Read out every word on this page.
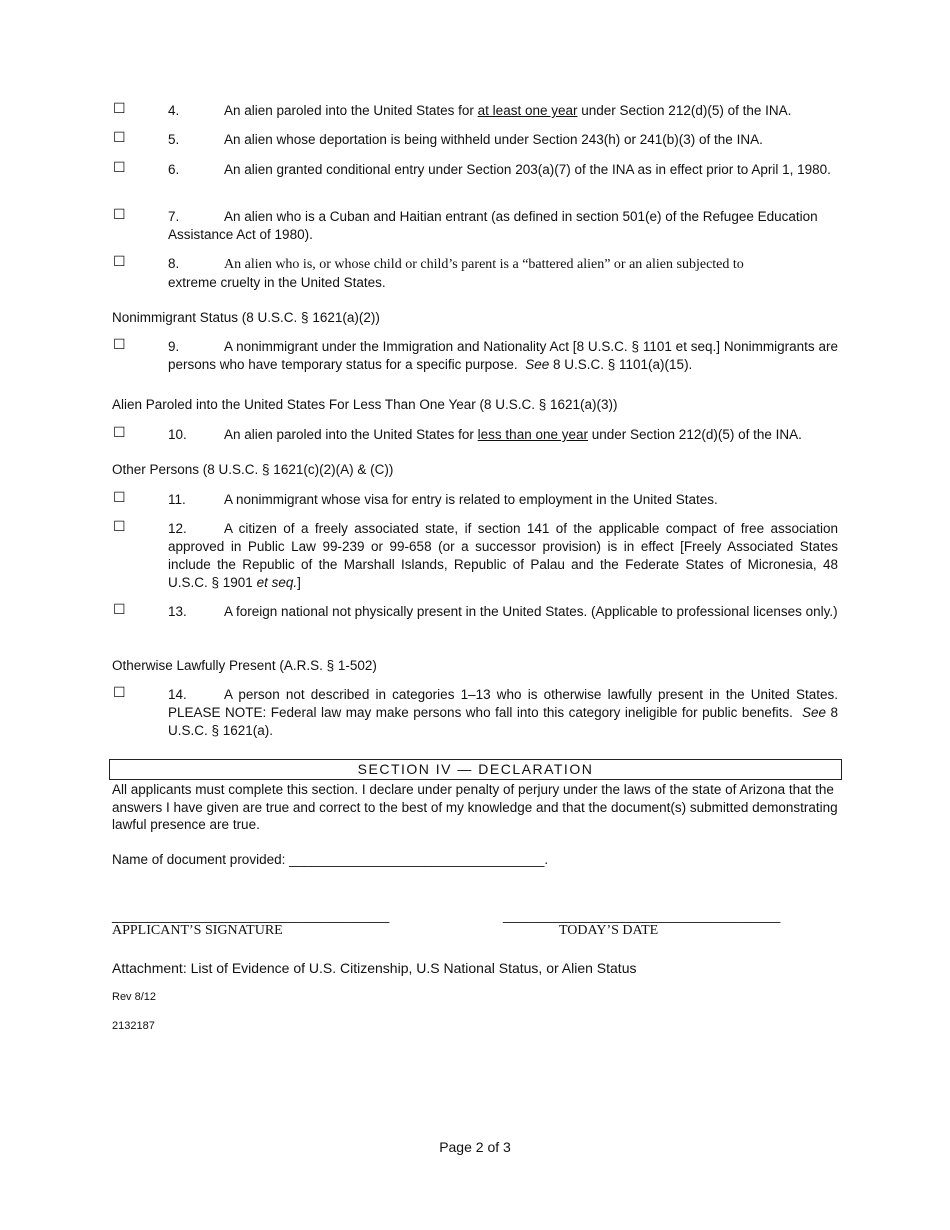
☐	4.	An alien paroled into the United States for at least one year under Section 212(d)(5) of the INA.
☐	5.	An alien whose deportation is being withheld under Section 243(h) or 241(b)(3) of the INA.
☐	6.	An alien granted conditional entry under Section 203(a)(7) of the INA as in effect prior to April 1, 1980.
☐	7.	An alien who is a Cuban and Haitian entrant (as defined in section 501(e) of the Refugee Education Assistance Act of 1980).
☐	8.	An alien who is, or whose child or child’s parent is a “battered alien” or an alien subjected to
extreme cruelty in the United States.
Nonimmigrant Status (8 U.S.C. § 1621(a)(2))
☐	9.	A nonimmigrant under the Immigration and Nationality Act [8 U.S.C. § 1101 et seq.] Nonimmigrants are persons who have temporary status for a specific purpose. See 8 U.S.C. § 1101(a)(15).
Alien Paroled into the United States For Less Than One Year (8 U.S.C. § 1621(a)(3))
☐	10.	An alien paroled into the United States for less than one year under Section 212(d)(5) of the INA.
Other Persons (8 U.S.C. § 1621(c)(2)(A) & (C))
☐	11.	A nonimmigrant whose visa for entry is related to employment in the United States.
☐	12.	A citizen of a freely associated state, if section 141 of the applicable compact of free association approved in Public Law 99-239 or 99-658 (or a successor provision) is in effect [Freely Associated States include the Republic of the Marshall Islands, Republic of Palau and the Federate States of Micronesia, 48 U.S.C. § 1901 et seq.]
☐	13.	A foreign national not physically present in the United States. (Applicable to professional licenses only.)
Otherwise Lawfully Present (A.R.S. § 1-502)
☐	14.	A person not described in categories 1–13 who is otherwise lawfully present in the United States. PLEASE NOTE: Federal law may make persons who fall into this category ineligible for public benefits. See 8 U.S.C. § 1621(a).
SECTION IV — DECLARATION
All applicants must complete this section. I declare under penalty of perjury under the laws of the state of Arizona that the answers I have given are true and correct to the best of my knowledge and that the document(s) submitted demonstrating lawful presence are true.
Name of document provided: __________________________________.
____________________________________	____________________________________
APPLICANT’S SIGNATURE	TODAY’S DATE
Attachment: List of Evidence of U.S. Citizenship, U.S National Status, or Alien Status
Rev 8/12
2132187
Page 2 of 3
